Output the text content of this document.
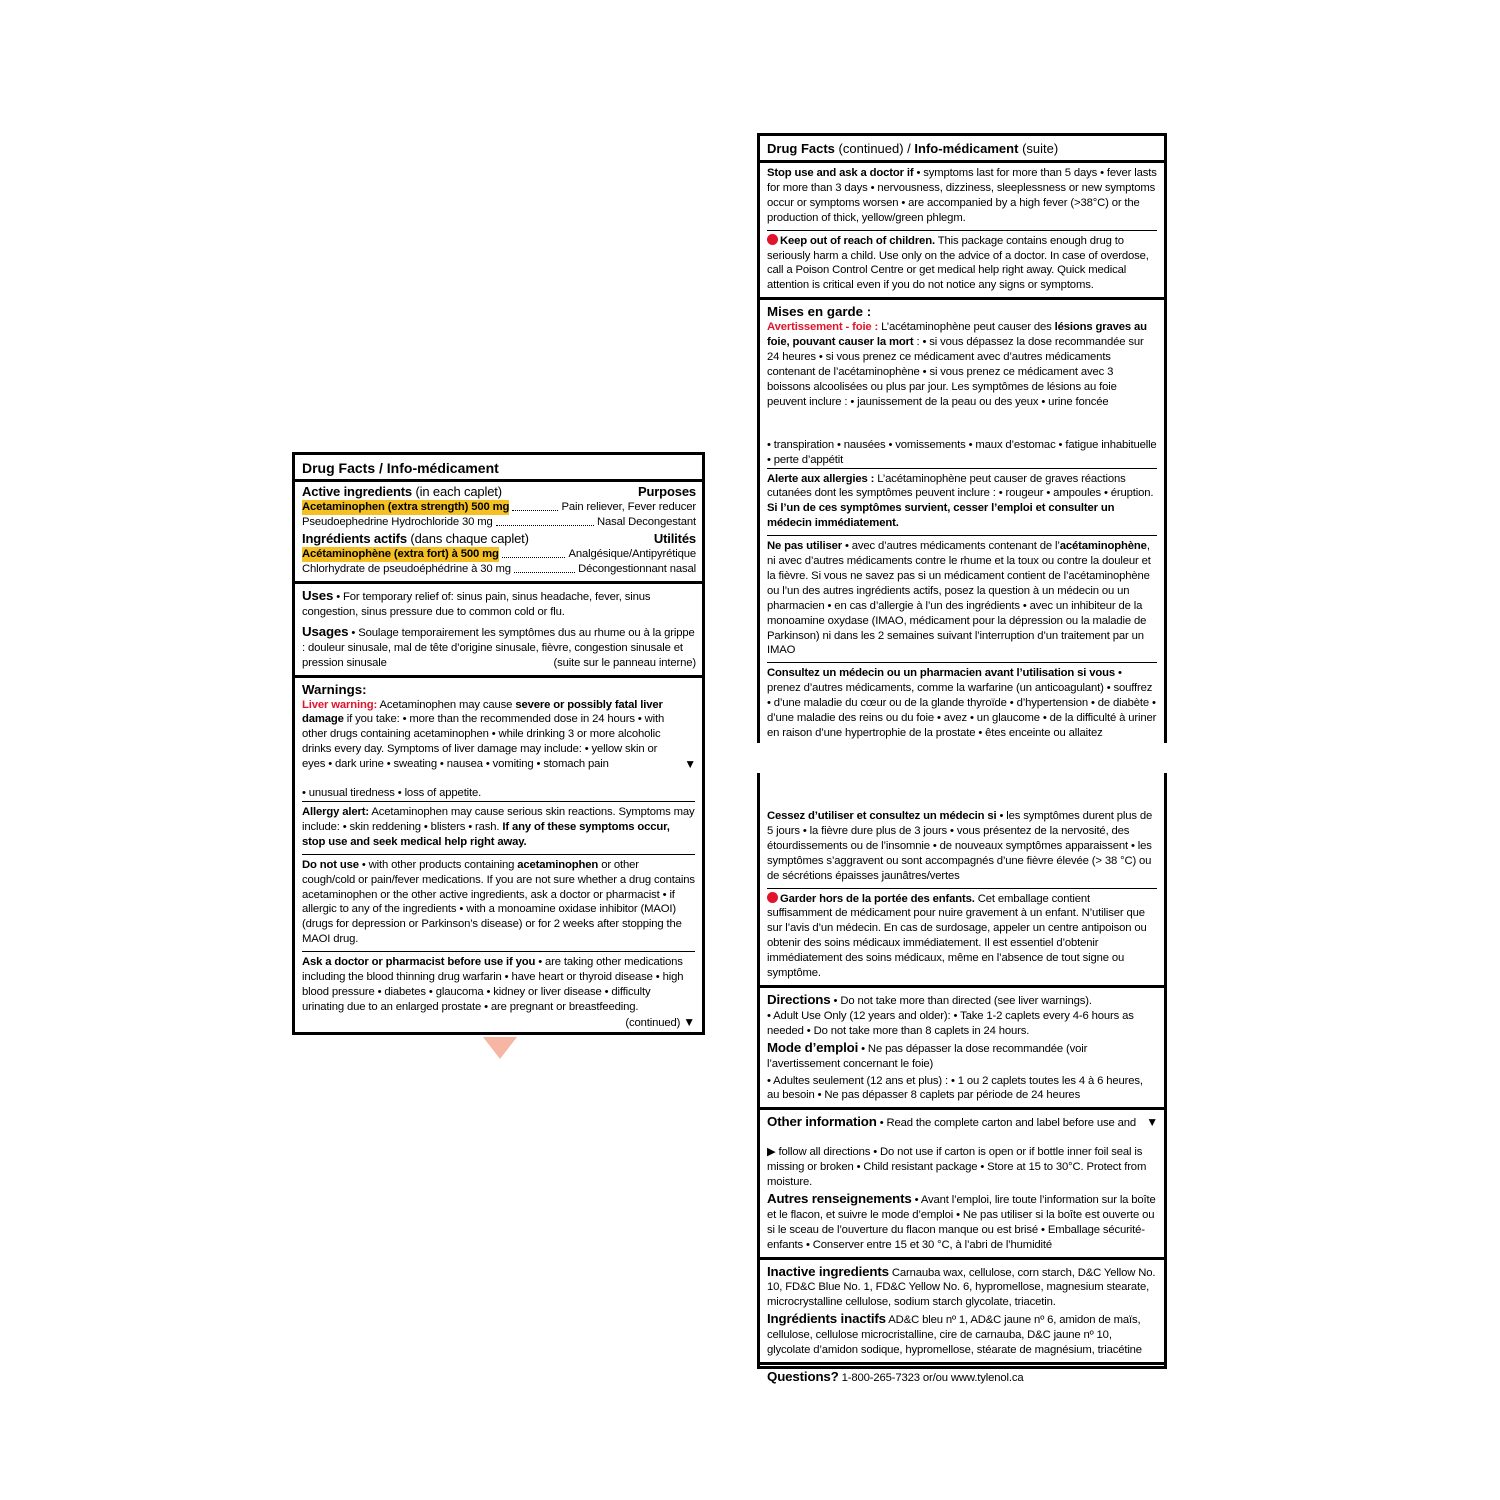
Drug Facts / Info-médicament
Active ingredients (in each caplet)	Purposes
Acetaminophen (extra strength) 500 mg	Pain reliever, Fever reducer
Pseudoephedrine Hydrochloride 30 mg	Nasal Decongestant
Ingrédients actifs (dans chaque caplet)	Utilités
Acétaminophène (extra fort) à 500 mg	Analgésique/Antipyrétique
Chlorhydrate de pseudoéphédrine à 30 mg	Décongestionnant nasal
Uses • For temporary relief of: sinus pain, sinus headache, fever, sinus congestion, sinus pressure due to common cold or flu.
Usages • Soulage temporairement les symptômes dus au rhume ou à la grippe : douleur sinusale, mal de tête d’origine sinusale, fièvre, congestion sinusale et pression sinusale	(suite sur le panneau interne)
Warnings:
Liver warning: Acetaminophen may cause severe or possibly fatal liver damage if you take: • more than the recommended dose in 24 hours • with other drugs containing acetaminophen • while drinking 3 or more alcoholic drinks every day. Symptoms of liver damage may include: • yellow skin or eyes • dark urine • sweating • nausea • vomiting • stomach pain	▼
• unusual tiredness • loss of appetite.
Allergy alert: Acetaminophen may cause serious skin reactions. Symptoms may include: • skin reddening • blisters • rash. If any of these symptoms occur, stop use and seek medical help right away.
Do not use • with other products containing acetaminophen or other cough/cold or pain/fever medications. If you are not sure whether a drug contains acetaminophen or the other active ingredients, ask a doctor or pharmacist • if allergic to any of the ingredients • with a monoamine oxidase inhibitor (MAOI) (drugs for depression or Parkinson’s disease) or for 2 weeks after stopping the MAOI drug.
Ask a doctor or pharmacist before use if you • are taking other medications including the blood thinning drug warfarin • have heart or thyroid disease • high blood pressure • diabetes • glaucoma • kidney or liver disease • difficulty urinating due to an enlarged prostate • are pregnant or breastfeeding.
(continued) ▼
Drug Facts (continued) / Info-médicament (suite)
Stop use and ask a doctor if • symptoms last for more than 5 days • fever lasts for more than 3 days • nervousness, dizziness, sleeplessness or new symptoms occur or symptoms worsen • are accompanied by a high fever (>38°C) or the production of thick, yellow/green phlegm.
Keep out of reach of children. This package contains enough drug to seriously harm a child. Use only on the advice of a doctor. In case of overdose, call a Poison Control Centre or get medical help right away. Quick medical attention is critical even if you do not notice any signs or symptoms.
Mises en garde :
Avertissement - foie : L’acétaminophène peut causer des lésions graves au foie, pouvant causer la mort : • si vous dépassez la dose recommandée sur 24 heures • si vous prenez ce médicament avec d’autres médicaments contenant de l’acétaminophène • si vous prenez ce médicament avec 3 boissons alcoolisées ou plus par jour. Les symptômes de lésions au foie peuvent inclure : • jaunissement de la peau ou des yeux • urine foncée
• transpiration • nausées • vomissements • maux d’estomac • fatigue inhabituelle • perte d’appétit
Alerte aux allergies : L’acétaminophène peut causer de graves réactions cutanées dont les symptômes peuvent inclure : • rougeur • ampoules • éruption. Si l’un de ces symptômes survient, cesser l’emploi et consulter un médecin immédiatement.
Ne pas utiliser • avec d’autres médicaments contenant de l’acétaminophène, ni avec d’autres médicaments contre le rhume et la toux ou contre la douleur et la fièvre. Si vous ne savez pas si un médicament contient de l’acétaminophène ou l’un des autres ingrédients actifs, posez la question à un médecin ou un pharmacien • en cas d’allergie à l’un des ingrédients • avec un inhibiteur de la monoamine oxydase (IMAO, médicament pour la dépression ou la maladie de Parkinson) ni dans les 2 semaines suivant l’interruption d’un traitement par un IMAO
Consultez un médecin ou un pharmacien avant l’utilisation si vous • prenez d’autres médicaments, comme la warfarine (un anticoagulant) • souffrez • d’une maladie du cœur ou de la glande thyroïde • d’hypertension • de diabète • d’une maladie des reins ou du foie • avez • un glaucome • de la difficulté à uriner en raison d’une hypertrophie de la prostate • êtes enceinte ou allaitez
Cessez d’utiliser et consultez un médecin si • les symptômes durent plus de 5 jours • la fièvre dure plus de 3 jours • vous présentez de la nervosité, des étourdissements ou de l’insomnie • de nouveaux symptômes apparaissent • les symptômes s’aggravent ou sont accompagnés d’une fièvre élevée (> 38 °C) ou de sécrétions épaisses jaunâtres/vertes
Garder hors de la portée des enfants. Cet emballage contient suffisamment de médicament pour nuire gravement à un enfant. N’utiliser que sur l’avis d’un médecin. En cas de surdosage, appeler un centre antipoison ou obtenir des soins médicaux immédiatement. Il est essentiel d’obtenir immédiatement des soins médicaux, même en l’absence de tout signe ou symptôme.
Directions • Do not take more than directed (see liver warnings).
• Adult Use Only (12 years and older): • Take 1-2 caplets every 4-6 hours as needed • Do not take more than 8 caplets in 24 hours.
Mode d’emploi • Ne pas dépasser la dose recommandée (voir l’avertissement concernant le foie)
• Adultes seulement (12 ans et plus) : • 1 ou 2 caplets toutes les 4 à 6 heures, au besoin • Ne pas dépasser 8 caplets par période de 24 heures
Other information • Read the complete carton and label before use and ▼
▶ follow all directions • Do not use if carton is open or if bottle inner foil seal is missing or broken • Child resistant package • Store at 15 to 30°C. Protect from moisture.
Autres renseignements • Avant l’emploi, lire toute l’information sur la boîte et le flacon, et suivre le mode d’emploi • Ne pas utiliser si la boîte est ouverte ou si le sceau de l’ouverture du flacon manque ou est brisé • Emballage sécurité-enfants • Conserver entre 15 et 30 °C, à l’abri de l’humidité
Inactive ingredients Carnauba wax, cellulose, corn starch, D&C Yellow No. 10, FD&C Blue No. 1, FD&C Yellow No. 6, hypromellose, magnesium stearate, microcrystalline cellulose, sodium starch glycolate, triacetin.
Ingrédients inactifs AD&C bleu nº 1, AD&C jaune nº 6, amidon de maïs, cellulose, cellulose microcristalline, cire de carnauba, D&C jaune nº 10, glycolate d’amidon sodique, hypromellose, stéarate de magnésium, triacétine
Questions? 1-800-265-7323 or/ou www.tylenol.ca
